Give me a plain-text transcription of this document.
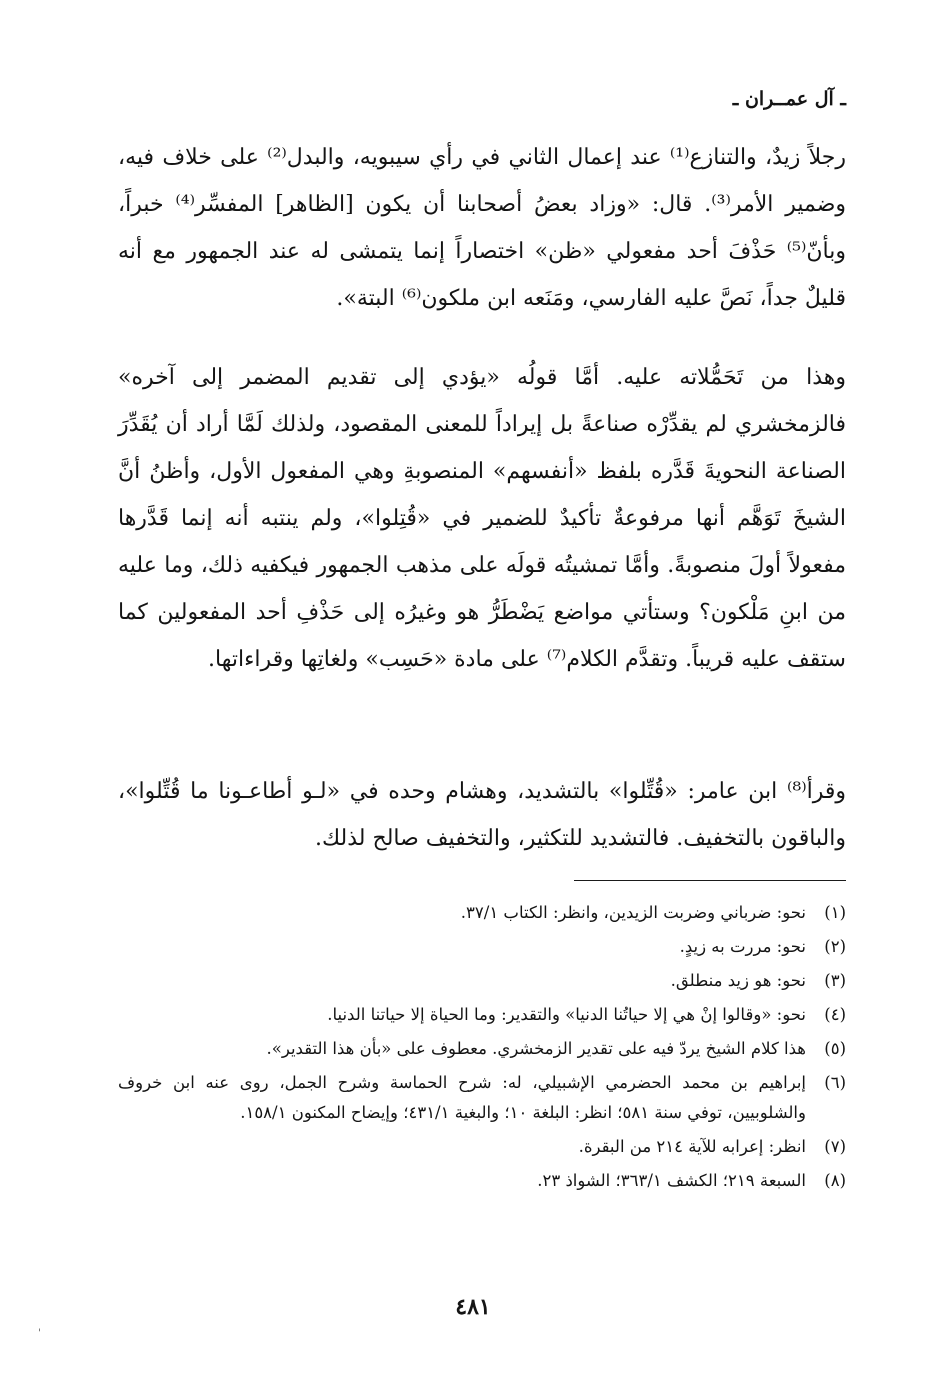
ـ آل عمــران ـ

رجلاً زيدٌ، والتنازع⁽¹⁾ عند إعمال الثاني في رأي سيبويه، والبدل⁽²⁾ على خلاف فيه، وضمير الأمر⁽³⁾. قال: «وزاد بعضُ أصحابنا أن يكون [الظاهر] المفسِّر⁽⁴⁾ خبراً، وبأنّ⁽⁵⁾ حَذْفَ أحد مفعولي «ظن» اختصاراً إنما يتمشى له عند الجمهور مع أنه قليلٌ جداً، نَصَّ عليه الفارسي، ومَنَعه ابن ملكون⁽⁶⁾ البتة».

وهذا من تَحَمُّلاته عليه. أمَّا قولُه «يؤدي إلى تقديم المضمر إلى آخره» فالزمخشري لم يقدِّرْه صناعةً بل إيراداً للمعنى المقصود، ولذلك لَمَّا أراد أن يُقَدِّرَ الصناعة النحويةَ قَدَّره بلفظ «أنفسهم» المنصوبةِ وهي المفعول الأول، وأظنُ أنَّ الشيخَ تَوَهَّم أنها مرفوعةٌ تأكيدٌ للضمير في «قُتِلوا»، ولم ينتبه أنه إنما قَدَّرها مفعولاً أولَ منصوبةً. وأمَّا تمشيتُه قولَه على مذهب الجمهور فيكفيه ذلك، وما عليه من ابنِ مَلْكون؟ وستأتي مواضع يَضْطَرُّ هو وغيرُه إلى حَذْفِ أحد المفعولين كما ستقف عليه قريباً. وتقدَّم الكلام⁽⁷⁾ على مادة «حَسِب» ولغاتِها وقراءاتها.

وقرأ⁽⁸⁾ ابن عامر: «قُتِّلوا» بالتشديد، وهشام وحده في «لـو أطاعـونا ما قُتِّلوا»، والباقون بالتخفيف. فالتشديد للتكثير، والتخفيف صالح لذلك.

(١)
نحو: ضرباني وضربت الزيدين، وانظر: الكتاب ٣٧/١.
(٢)
نحو: مررت به زيدٍ.
(٣)
نحو: هو زيد منطلق.
(٤)
نحو: «وقالوا إنْ هي إلا حياتُنا الدنيا» والتقدير: وما الحياة إلا حياتنا الدنيا.
(٥)
هذا كلام الشيخ يردّ فيه على تقدير الزمخشري. معطوف على «بأن هذا التقدير».
(٦)
إبراهيم بن محمد الحضرمي الإشبيلي، له: شرح الحماسة وشرح الجمل، روى عنه ابن خروف والشلوبيين، توفي سنة ٥٨١؛ انظر: البلغة ١٠؛ والبغية ٤٣١/١؛ وإيضاح المكنون ١٥٨/١.
(٧)
انظر: إعرابه للآية ٢١٤ من البقرة.
(٨)
السبعة ٢١٩؛ الكشف ٣٦٣/١؛ الشواذ ٢٣.
٤٨١
'
